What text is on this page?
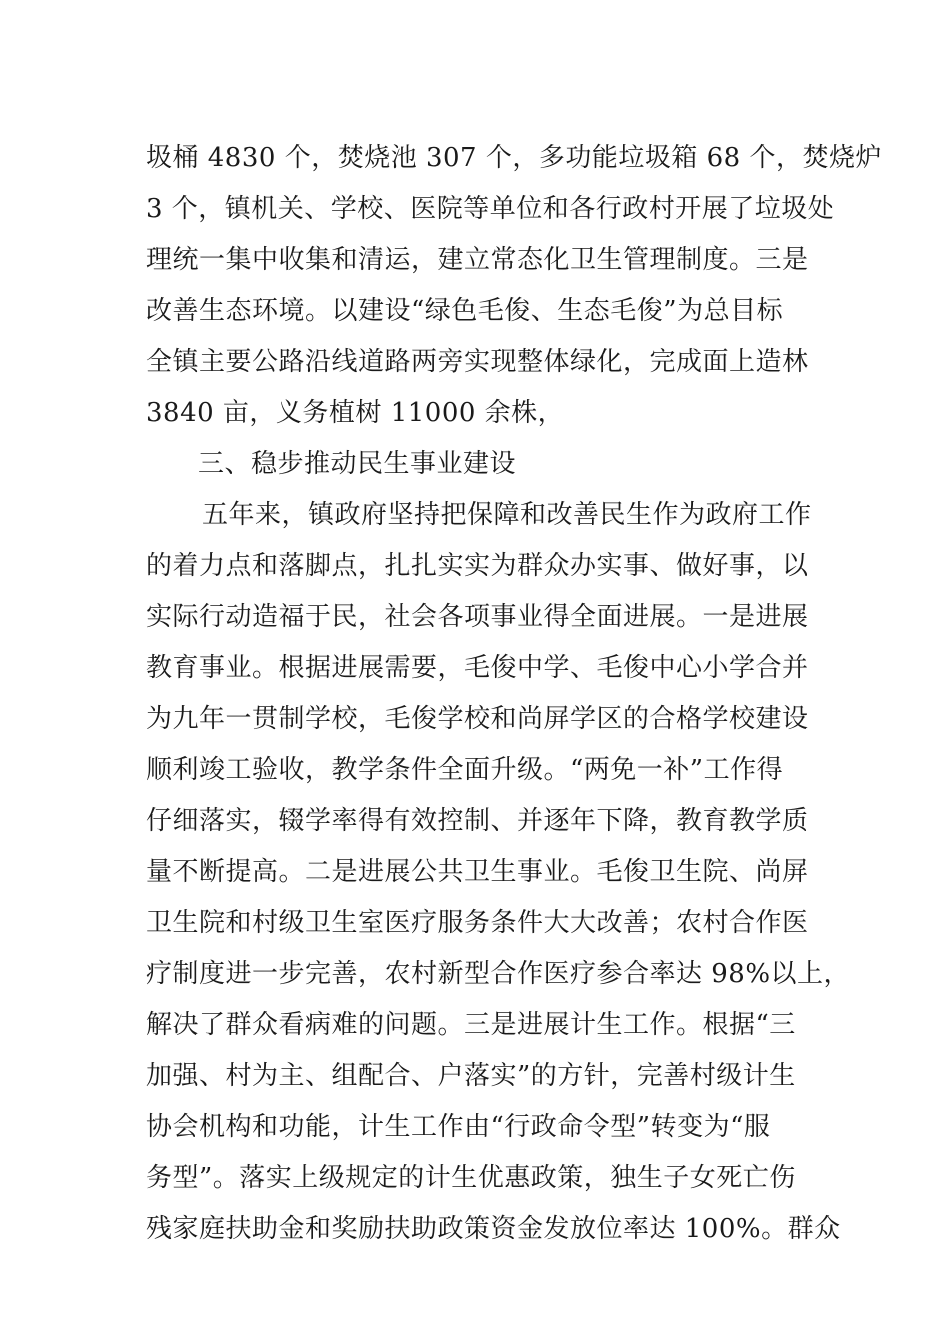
圾桶 4830 个，焚烧池 307 个，多功能垃圾箱 68 个，焚烧炉
3 个，镇机关、学校、医院等单位和各行政村开展了垃圾处
理统一集中收集和清运，建立常态化卫生管理制度。三是
改善生态环境。以建设“绿色毛俊、生态毛俊”为总目标
全镇主要公路沿线道路两旁实现整体绿化，完成面上造林
3840 亩，义务植树 11000 余株，
三、稳步推动民生事业建设
五年来，镇政府坚持把保障和改善民生作为政府工作
的着力点和落脚点，扎扎实实为群众办实事、做好事，以
实际行动造福于民，社会各项事业得全面进展。一是进展
教育事业。根据进展需要，毛俊中学、毛俊中心小学合并
为九年一贯制学校，毛俊学校和尚屏学区的合格学校建设
顺利竣工验收，教学条件全面升级。“两免一补”工作得
仔细落实，辍学率得有效控制、并逐年下降，教育教学质
量不断提高。二是进展公共卫生事业。毛俊卫生院、尚屏
卫生院和村级卫生室医疗服务条件大大改善；农村合作医
疗制度进一步完善，农村新型合作医疗参合率达 98%以上，
解决了群众看病难的问题。三是进展计生工作。根据“三
加强、村为主、组配合、户落实”的方针，完善村级计生
协会机构和功能，计生工作由“行政命令型”转变为“服
务型”。落实上级规定的计生优惠政策，独生子女死亡伤
残家庭扶助金和奖励扶助政策资金发放位率达 100%。群众
